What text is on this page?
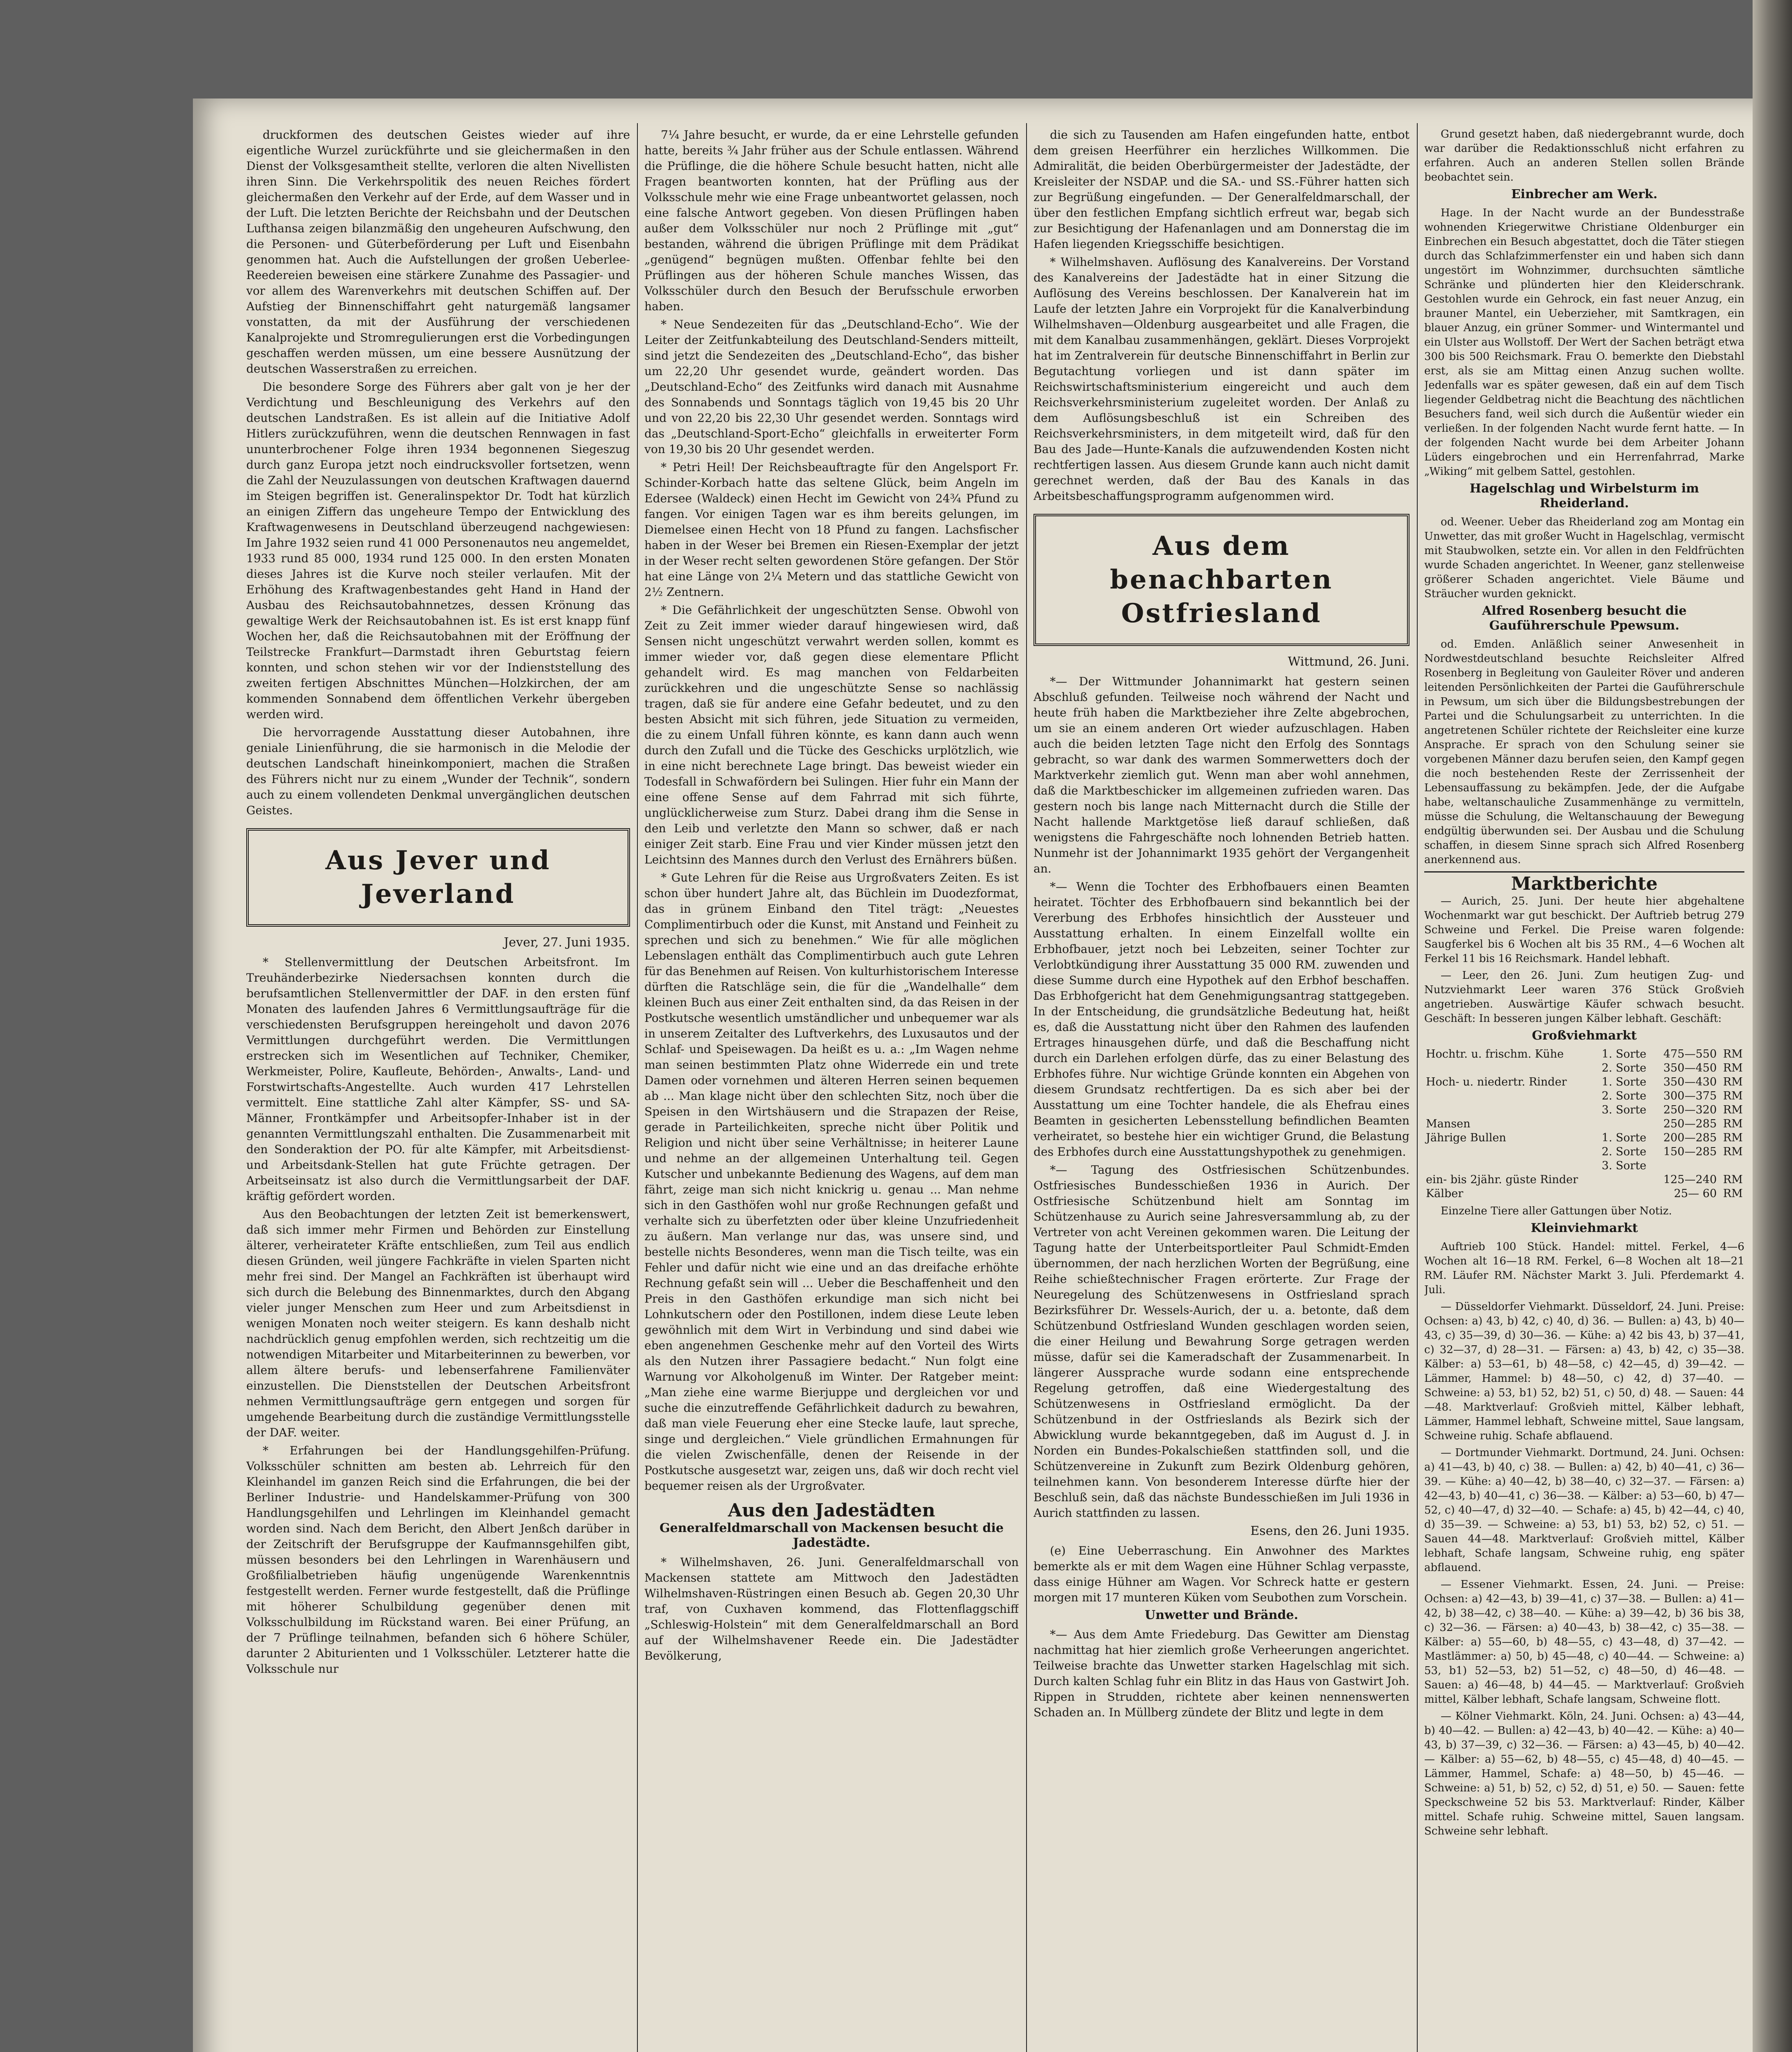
druckformen des deutschen Geistes wieder auf ihre eigentliche Wurzel zurückführte und sie gleichermaßen in den Dienst der Volksgesamtheit stellte, verloren die alten Nivellisten ihren Sinn. Die Verkehrspolitik des neuen Reiches fördert gleichermaßen den Verkehr auf der Erde, auf dem Wasser und in der Luft. Die letzten Berichte der Reichsbahn und der Deutschen Lufthansa zeigen bilanzmäßig den ungeheuren Aufschwung, den die Personen- und Güterbeförderung per Luft und Eisenbahn genommen hat. Auch die Aufstellungen der großen Ueberlee-Reedereien beweisen eine stärkere Zunahme des Passagier- und vor allem des Warenverkehrs mit deutschen Schiffen auf. Der Aufstieg der Binnenschiffahrt geht naturgemäß langsamer vonstatten, da mit der Ausführung der verschiedenen Kanalprojekte und Stromregulierungen erst die Vorbedingungen geschaffen werden müssen, um eine bessere Ausnützung der deutschen Wasserstraßen zu erreichen.

Die besondere Sorge des Führers aber galt von je her der Verdichtung und Beschleunigung des Verkehrs auf den deutschen Landstraßen. Es ist allein auf die Initiative Adolf Hitlers zurückzuführen, wenn die deutschen Rennwagen in fast ununterbrochener Folge ihren 1934 begonnenen Siegeszug durch ganz Europa jetzt noch eindrucksvoller fortsetzen, wenn die Zahl der Neuzulassungen von deutschen Kraftwagen dauernd im Steigen begriffen ist. Generalinspektor Dr. Todt hat kürzlich an einigen Ziffern das ungeheure Tempo der Entwicklung des Kraftwagenwesens in Deutschland überzeugend nachgewiesen: Im Jahre 1932 seien rund 41 000 Personenautos neu angemeldet, 1933 rund 85 000, 1934 rund 125 000. In den ersten Monaten dieses Jahres ist die Kurve noch steiler verlaufen. Mit der Erhöhung des Kraftwagenbestandes geht Hand in Hand der Ausbau des Reichsautobahnnetzes, dessen Krönung das gewaltige Werk der Reichsautobahnen ist. Es ist erst knapp fünf Wochen her, daß die Reichsautobahnen mit der Eröffnung der Teilstrecke Frankfurt—Darmstadt ihren Geburtstag feiern konnten, und schon stehen wir vor der Indienststellung des zweiten fertigen Abschnittes München—Holzkirchen, der am kommenden Sonnabend dem öffentlichen Verkehr übergeben werden wird.

Die hervorragende Ausstattung dieser Autobahnen, ihre geniale Linienführung, die sie harmonisch in die Melodie der deutschen Landschaft hineinkomponiert, machen die Straßen des Führers nicht nur zu einem „Wunder der Technik“, sondern auch zu einem vollendeten Denkmal unvergänglichen deutschen Geistes.

Aus Jever und Jeverland
Jever, 27. Juni 1935.

* Stellenvermittlung der Deutschen Arbeitsfront. Im Treuhänderbezirke Niedersachsen konnten durch die berufsamtlichen Stellenvermittler der DAF. in den ersten fünf Monaten des laufenden Jahres 6 Vermittlungsaufträge für die verschiedensten Berufsgruppen hereingeholt und davon 2076 Vermittlungen durchgeführt werden. Die Vermittlungen erstrecken sich im Wesentlichen auf Techniker, Chemiker, Werkmeister, Polire, Kaufleute, Behörden-, Anwalts-, Land- und Forstwirtschafts-Angestellte. Auch wurden 417 Lehrstellen vermittelt. Eine stattliche Zahl alter Kämpfer, SS- und SA-Männer, Frontkämpfer und Arbeitsopfer-Inhaber ist in der genannten Vermittlungszahl enthalten. Die Zusammenarbeit mit den Sonderaktion der PO. für alte Kämpfer, mit Arbeitsdienst- und Arbeitsdank-Stellen hat gute Früchte getragen. Der Arbeitseinsatz ist also durch die Vermittlungsarbeit der DAF. kräftig gefördert worden.

Aus den Beobachtungen der letzten Zeit ist bemerkenswert, daß sich immer mehr Firmen und Behörden zur Einstellung älterer, verheirateter Kräfte entschließen, zum Teil aus endlich diesen Gründen, weil jüngere Fachkräfte in vielen Sparten nicht mehr frei sind. Der Mangel an Fachkräften ist überhaupt wird sich durch die Belebung des Binnenmarktes, durch den Abgang vieler junger Menschen zum Heer und zum Arbeitsdienst in wenigen Monaten noch weiter steigern. Es kann deshalb nicht nachdrücklich genug empfohlen werden, sich rechtzeitig um die notwendigen Mitarbeiter und Mitarbeiterinnen zu bewerben, vor allem ältere berufs- und lebenserfahrene Familienväter einzustellen. Die Dienststellen der Deutschen Arbeitsfront nehmen Vermittlungsaufträge gern entgegen und sorgen für umgehende Bearbeitung durch die zuständige Vermittlungsstelle der DAF. weiter.

* Erfahrungen bei der Handlungsgehilfen-Prüfung. Volksschüler schnitten am besten ab. Lehrreich für den Kleinhandel im ganzen Reich sind die Erfahrungen, die bei der Berliner Industrie- und Handelskammer-Prüfung von 300 Handlungsgehilfen und Lehrlingen im Kleinhandel gemacht worden sind. Nach dem Bericht, den Albert Jenßch darüber in der Zeitschrift der Berufsgruppe der Kaufmannsgehilfen gibt, müssen besonders bei den Lehrlingen in Warenhäusern und Großfilialbetrieben häufig ungenügende Warenkenntnis festgestellt werden. Ferner wurde festgestellt, daß die Prüflinge mit höherer Schulbildung gegenüber denen mit Volksschulbildung im Rückstand waren. Bei einer Prüfung, an der 7 Prüflinge teilnahmen, befanden sich 6 höhere Schüler, darunter 2 Abiturienten und 1 Volksschüler. Letzterer hatte die Volksschule nur

7¼ Jahre besucht, er wurde, da er eine Lehrstelle gefunden hatte, bereits ¾ Jahr früher aus der Schule entlassen. Während die Prüflinge, die die höhere Schule besucht hatten, nicht alle Fragen beantworten konnten, hat der Prüfling aus der Volksschule mehr wie eine Frage unbeantwortet gelassen, noch eine falsche Antwort gegeben. Von diesen Prüflingen haben außer dem Volksschüler nur noch 2 Prüflinge mit „gut“ bestanden, während die übrigen Prüflinge mit dem Prädikat „genügend“ begnügen mußten. Offenbar fehlte bei den Prüflingen aus der höheren Schule manches Wissen, das Volksschüler durch den Besuch der Berufsschule erworben haben.

* Neue Sendezeiten für das „Deutschland-Echo“. Wie der Leiter der Zeitfunkabteilung des Deutschland-Senders mitteilt, sind jetzt die Sendezeiten des „Deutschland-Echo“, das bisher um 22,20 Uhr gesendet wurde, geändert worden. Das „Deutschland-Echo“ des Zeitfunks wird danach mit Ausnahme des Sonnabends und Sonntags täglich von 19,45 bis 20 Uhr und von 22,20 bis 22,30 Uhr gesendet werden. Sonntags wird das „Deutschland-Sport-Echo“ gleichfalls in erweiterter Form von 19,30 bis 20 Uhr gesendet werden.

* Petri Heil! Der Reichsbeauftragte für den Angelsport Fr. Schinder-Korbach hatte das seltene Glück, beim Angeln im Edersee (Waldeck) einen Hecht im Gewicht von 24¾ Pfund zu fangen. Vor einigen Tagen war es ihm bereits gelungen, im Diemelsee einen Hecht von 18 Pfund zu fangen. Lachsfischer haben in der Weser bei Bremen ein Riesen-Exemplar der jetzt in der Weser recht selten gewordenen Störe gefangen. Der Stör hat eine Länge von 2¼ Metern und das stattliche Gewicht von 2½ Zentnern.

* Die Gefährlichkeit der ungeschützten Sense. Obwohl von Zeit zu Zeit immer wieder darauf hingewiesen wird, daß Sensen nicht ungeschützt verwahrt werden sollen, kommt es immer wieder vor, daß gegen diese elementare Pflicht gehandelt wird. Es mag manchen von Feldarbeiten zurückkehren und die ungeschützte Sense so nachlässig tragen, daß sie für andere eine Gefahr bedeutet, und zu den besten Absicht mit sich führen, jede Situation zu vermeiden, die zu einem Unfall führen könnte, es kann dann auch wenn durch den Zufall und die Tücke des Geschicks urplötzlich, wie in eine nicht berechnete Lage bringt. Das beweist wieder ein Todesfall in Schwafördern bei Sulingen. Hier fuhr ein Mann der eine offene Sense auf dem Fahrrad mit sich führte, unglücklicherweise zum Sturz. Dabei drang ihm die Sense in den Leib und verletzte den Mann so schwer, daß er nach einiger Zeit starb. Eine Frau und vier Kinder müssen jetzt den Leichtsinn des Mannes durch den Verlust des Ernährers büßen.

* Gute Lehren für die Reise aus Urgroßvaters Zeiten. Es ist schon über hundert Jahre alt, das Büchlein im Duodezformat, das in grünem Einband den Titel trägt: „Neuestes Complimentirbuch oder die Kunst, mit Anstand und Feinheit zu sprechen und sich zu benehmen.“ Wie für alle möglichen Lebenslagen enthält das Complimentirbuch auch gute Lehren für das Benehmen auf Reisen. Von kulturhistorischem Interesse dürften die Ratschläge sein, die für die „Wandelhalle“ dem kleinen Buch aus einer Zeit enthalten sind, da das Reisen in der Postkutsche wesentlich umständlicher und unbequemer war als in unserem Zeitalter des Luftverkehrs, des Luxusautos und der Schlaf- und Speisewagen. Da heißt es u. a.: „Im Wagen nehme man seinen bestimmten Platz ohne Widerrede ein und trete Damen oder vornehmen und älteren Herren seinen bequemen ab ... Man klage nicht über den schlechten Sitz, noch über die Speisen in den Wirtshäusern und die Strapazen der Reise, gerade in Parteilichkeiten, spreche nicht über Politik und Religion und nicht über seine Verhältnisse; in heiterer Laune und nehme an der allgemeinen Unterhaltung teil. Gegen Kutscher und unbekannte Bedienung des Wagens, auf dem man fährt, zeige man sich nicht knickrig u. genau ... Man nehme sich in den Gasthöfen wohl nur große Rechnungen gefaßt und verhalte sich zu überfetzten oder über kleine Unzufriedenheit zu äußern. Man verlange nur das, was unsere sind, und bestelle nichts Besonderes, wenn man die Tisch teilte, was ein Fehler und dafür nicht wie eine und an das dreifache erhöhte Rechnung gefaßt sein will ... Ueber die Beschaffenheit und den Preis in den Gasthöfen erkundige man sich nicht bei Lohnkutschern oder den Postillonen, indem diese Leute leben gewöhnlich mit dem Wirt in Verbindung und sind dabei wie eben angenehmen Geschenke mehr auf den Vorteil des Wirts als den Nutzen ihrer Passagiere bedacht.“ Nun folgt eine Warnung vor Alkoholgenuß im Winter. Der Ratgeber meint: „Man ziehe eine warme Bierjuppe und dergleichen vor und suche die einzutreffende Gefährlichkeit dadurch zu bewahren, daß man viele Feuerung eher eine Stecke laufe, laut spreche, singe und dergleichen.“ Viele gründlichen Ermahnungen für die vielen Zwischenfälle, denen der Reisende in der Postkutsche ausgesetzt war, zeigen uns, daß wir doch recht viel bequemer reisen als der Urgroßvater.

Aus den Jadestädten
Generalfeldmarschall von Mackensen besucht die Jadestädte.

* Wilhelmshaven, 26. Juni. Generalfeldmarschall von Mackensen stattete am Mittwoch den Jadestädten Wilhelmshaven-Rüstringen einen Besuch ab. Gegen 20,30 Uhr traf, von Cuxhaven kommend, das Flottenflaggschiff „Schleswig-Holstein“ mit dem Generalfeldmarschall an Bord auf der Wilhelmshavener Reede ein. Die Jadestädter Bevölkerung,

die sich zu Tausenden am Hafen eingefunden hatte, entbot dem greisen Heerführer ein herzliches Willkommen. Die Admiralität, die beiden Oberbürgermeister der Jadestädte, der Kreisleiter der NSDAP. und die SA.- und SS.-Führer hatten sich zur Begrüßung eingefunden. — Der Generalfeldmarschall, der über den festlichen Empfang sichtlich erfreut war, begab sich zur Besichtigung der Hafenanlagen und am Donnerstag die im Hafen liegenden Kriegsschiffe besichtigen.

* Wilhelmshaven. Auflösung des Kanalvereins. Der Vorstand des Kanalvereins der Jadestädte hat in einer Sitzung die Auflösung des Vereins beschlossen. Der Kanalverein hat im Laufe der letzten Jahre ein Vorprojekt für die Kanalverbindung Wilhelmshaven—Oldenburg ausgearbeitet und alle Fragen, die mit dem Kanalbau zusammenhängen, geklärt. Dieses Vorprojekt hat im Zentralverein für deutsche Binnenschiffahrt in Berlin zur Begutachtung vorliegen und ist dann später im Reichswirtschaftsministerium eingereicht und auch dem Reichsverkehrsministerium zugeleitet worden. Der Anlaß zu dem Auflösungsbeschluß ist ein Schreiben des Reichsverkehrsministers, in dem mitgeteilt wird, daß für den Bau des Jade—Hunte-Kanals die aufzuwendenden Kosten nicht rechtfertigen lassen. Aus diesem Grunde kann auch nicht damit gerechnet werden, daß der Bau des Kanals in das Arbeitsbeschaffungsprogramm aufgenommen wird.

Aus dem benachbarten Ostfriesland
Wittmund, 26. Juni.

*— Der Wittmunder Johannimarkt hat gestern seinen Abschluß gefunden. Teilweise noch während der Nacht und heute früh haben die Marktbezieher ihre Zelte abgebrochen, um sie an einem anderen Ort wieder aufzuschlagen. Haben auch die beiden letzten Tage nicht den Erfolg des Sonntags gebracht, so war dank des warmen Sommerwetters doch der Marktverkehr ziemlich gut. Wenn man aber wohl annehmen, daß die Marktbeschicker im allgemeinen zufrieden waren. Das gestern noch bis lange nach Mitternacht durch die Stille der Nacht hallende Marktgetöse ließ darauf schließen, daß wenigstens die Fahrgeschäfte noch lohnenden Betrieb hatten. Nunmehr ist der Johannimarkt 1935 gehört der Vergangenheit an.

*— Wenn die Tochter des Erbhofbauers einen Beamten heiratet. Töchter des Erbhofbauern sind bekanntlich bei der Vererbung des Erbhofes hinsichtlich der Aussteuer und Ausstattung erhalten. In einem Einzelfall wollte ein Erbhofbauer, jetzt noch bei Lebzeiten, seiner Tochter zur Verlobtkündigung ihrer Ausstattung 35 000 RM. zuwenden und diese Summe durch eine Hypothek auf den Erbhof beschaffen. Das Erbhofgericht hat dem Genehmigungsantrag stattgegeben. In der Entscheidung, die grundsätzliche Bedeutung hat, heißt es, daß die Ausstattung nicht über den Rahmen des laufenden Ertrages hinausgehen dürfe, und daß die Beschaffung nicht durch ein Darlehen erfolgen dürfe, das zu einer Belastung des Erbhofes führe. Nur wichtige Gründe konnten ein Abgehen von diesem Grundsatz rechtfertigen. Da es sich aber bei der Ausstattung um eine Tochter handele, die als Ehefrau eines Beamten in gesicherten Lebensstellung befindlichen Beamten verheiratet, so bestehe hier ein wichtiger Grund, die Belastung des Erbhofes durch eine Ausstattungshypothek zu genehmigen.

*— Tagung des Ostfriesischen Schützenbundes. Ostfriesisches Bundesschießen 1936 in Aurich. Der Ostfriesische Schützenbund hielt am Sonntag im Schützenhause zu Aurich seine Jahresversammlung ab, zu der Vertreter von acht Vereinen gekommen waren. Die Leitung der Tagung hatte der Unterbeitsportleiter Paul Schmidt-Emden übernommen, der nach herzlichen Worten der Begrüßung, eine Reihe schießtechnischer Fragen erörterte. Zur Frage der Neuregelung des Schützenwesens in Ostfriesland sprach Bezirksführer Dr. Wessels-Aurich, der u. a. betonte, daß dem Schützenbund Ostfriesland Wunden geschlagen worden seien, die einer Heilung und Bewahrung Sorge getragen werden müsse, dafür sei die Kameradschaft der Zusammenarbeit. In längerer Aussprache wurde sodann eine entsprechende Regelung getroffen, daß eine Wiedergestaltung des Schützenwesens in Ostfriesland ermöglicht. Da der Schützenbund in der Ostfrieslands als Bezirk sich der Abwicklung wurde bekanntgegeben, daß im August d. J. in Norden ein Bundes-Pokalschießen stattfinden soll, und die Schützenvereine in Zukunft zum Bezirk Oldenburg gehören, teilnehmen kann. Von besonderem Interesse dürfte hier der Beschluß sein, daß das nächste Bundesschießen im Juli 1936 in Aurich stattfinden zu lassen.

Esens, den 26. Juni 1935.

(e) Eine Ueberraschung. Ein Anwohner des Marktes bemerkte als er mit dem Wagen eine Hühner Schlag verpasste, dass einige Hühner am Wagen. Vor Schreck hatte er gestern morgen mit 17 munteren Küken vom Seubothen zum Vorschein.

Unwetter und Brände.

*— Aus dem Amte Friedeburg. Das Gewitter am Dienstag nachmittag hat hier ziemlich große Verheerungen angerichtet. Teilweise brachte das Unwetter starken Hagelschlag mit sich. Durch kalten Schlag fuhr ein Blitz in das Haus von Gastwirt Joh. Rippen in Strudden, richtete aber keinen nennenswerten Schaden an. In Müllberg zündete der Blitz und legte in dem

Grund gesetzt haben, daß niedergebrannt wurde, doch war darüber die Redaktionsschluß nicht erfahren zu erfahren. Auch an anderen Stellen sollen Brände beobachtet sein.

Einbrecher am Werk.

Hage. In der Nacht wurde an der Bundesstraße wohnenden Kriegerwitwe Christiane Oldenburger ein Einbrechen ein Besuch abgestattet, doch die Täter stiegen durch das Schlafzimmerfenster ein und haben sich dann ungestört im Wohnzimmer, durchsuchten sämtliche Schränke und plünderten hier den Kleiderschrank. Gestohlen wurde ein Gehrock, ein fast neuer Anzug, ein brauner Mantel, ein Ueberzieher, mit Samtkragen, ein blauer Anzug, ein grüner Sommer- und Wintermantel und ein Ulster aus Wollstoff. Der Wert der Sachen beträgt etwa 300 bis 500 Reichsmark. Frau O. bemerkte den Diebstahl erst, als sie am Mittag einen Anzug suchen wollte. Jedenfalls war es später gewesen, daß ein auf dem Tisch liegender Geldbetrag nicht die Beachtung des nächtlichen Besuchers fand, weil sich durch die Außentür wieder ein verließen. In der folgenden Nacht wurde fernt hatte. — In der folgenden Nacht wurde bei dem Arbeiter Johann Lüders eingebrochen und ein Herrenfahrrad, Marke „Wiking“ mit gelbem Sattel, gestohlen.

Hagelschlag und Wirbelsturm im Rheiderland.

od. Weener. Ueber das Rheiderland zog am Montag ein Unwetter, das mit großer Wucht in Hagelschlag, vermischt mit Staubwolken, setzte ein. Vor allen in den Feldfrüchten wurde Schaden angerichtet. In Weener, ganz stellenweise größerer Schaden angerichtet. Viele Bäume und Sträucher wurden geknickt.

Alfred Rosenberg besucht die Gauführerschule Ppewsum.

od. Emden. Anläßlich seiner Anwesenheit in Nordwestdeutschland besuchte Reichsleiter Alfred Rosenberg in Begleitung von Gauleiter Röver und anderen leitenden Persönlichkeiten der Partei die Gauführerschule in Pewsum, um sich über die Bildungsbestrebungen der Partei und die Schulungsarbeit zu unterrichten. In die angetretenen Schüler richtete der Reichsleiter eine kurze Ansprache. Er sprach von den Schulung seiner sie vorgebenen Männer dazu berufen seien, den Kampf gegen die noch bestehenden Reste der Zerrissenheit der Lebensauffassung zu bekämpfen. Jede, der die Aufgabe habe, weltanschauliche Zusammenhänge zu vermitteln, müsse die Schulung, die Weltanschauung der Bewegung endgültig überwunden sei. Der Ausbau und die Schulung schaffen, in diesem Sinne sprach sich Alfred Rosenberg anerkennend aus.

Marktberichte

— Aurich, 25. Juni. Der heute hier abgehaltene Wochenmarkt war gut beschickt. Der Auftrieb betrug 279 Schweine und Ferkel. Die Preise waren folgende: Saugferkel bis 6 Wochen alt bis 35 RM., 4—6 Wochen alt Ferkel 11 bis 16 Reichsmark. Handel lebhaft.

— Leer, den 26. Juni. Zum heutigen Zug- und Nutzviehmarkt Leer waren 376 Stück Großvieh angetrieben. Auswärtige Käufer schwach besucht. Geschäft: In besseren jungen Kälber lebhaft. Geschäft:

Großviehmarkt
Hochtr. u. frischm. Kühe	1. Sorte	475—550	RM
	2. Sorte	350—450	RM
Hoch- u. niedertr. Rinder	1. Sorte	350—430	RM
	2. Sorte	300—375	RM
	3. Sorte	250—320	RM
Mansen		250—285	RM
Jährige Bullen	1. Sorte	200—285	RM
	2. Sorte	150—285	RM
	3. Sorte		
ein- bis 2jähr. güste Rinder		125—240	RM
Kälber		25— 60	RM

Einzelne Tiere aller Gattungen über Notiz.

Kleinviehmarkt

Auftrieb 100 Stück. Handel: mittel. Ferkel, 4—6 Wochen alt 16—18 RM. Ferkel, 6—8 Wochen alt 18—21 RM. Läufer RM. Nächster Markt 3. Juli. Pferdemarkt 4. Juli.

— Düsseldorfer Viehmarkt. Düsseldorf, 24. Juni. Preise: Ochsen: a) 43, b) 42, c) 40, d) 36. — Bullen: a) 43, b) 40—43, c) 35—39, d) 30—36. — Kühe: a) 42 bis 43, b) 37—41, c) 32—37, d) 28—31. — Färsen: a) 43, b) 42, c) 35—38. Kälber: a) 53—61, b) 48—58, c) 42—45, d) 39—42. — Lämmer, Hammel: b) 48—50, c) 42, d) 37—40. — Schweine: a) 53, b1) 52, b2) 51, c) 50, d) 48. — Sauen: 44—48. Marktverlauf: Großvieh mittel, Kälber lebhaft, Lämmer, Hammel lebhaft, Schweine mittel, Saue langsam, Schweine ruhig. Schafe abflauend.

— Dortmunder Viehmarkt. Dortmund, 24. Juni. Ochsen: a) 41—43, b) 40, c) 38. — Bullen: a) 42, b) 40—41, c) 36—39. — Kühe: a) 40—42, b) 38—40, c) 32—37. — Färsen: a) 42—43, b) 40—41, c) 36—38. — Kälber: a) 53—60, b) 47—52, c) 40—47, d) 32—40. — Schafe: a) 45, b) 42—44, c) 40, d) 35—39. — Schweine: a) 53, b1) 53, b2) 52, c) 51. — Sauen 44—48. Marktverlauf: Großvieh mittel, Kälber lebhaft, Schafe langsam, Schweine ruhig, eng später abflauend.

— Essener Viehmarkt. Essen, 24. Juni. — Preise: Ochsen: a) 42—43, b) 39—41, c) 37—38. — Bullen: a) 41—42, b) 38—42, c) 38—40. — Kühe: a) 39—42, b) 36 bis 38, c) 32—36. — Färsen: a) 40—43, b) 38—42, c) 35—38. — Kälber: a) 55—60, b) 48—55, c) 43—48, d) 37—42. — Mastlämmer: a) 50, b) 45—48, c) 40—44. — Schweine: a) 53, b1) 52—53, b2) 51—52, c) 48—50, d) 46—48. — Sauen: a) 46—48, b) 44—45. — Marktverlauf: Großvieh mittel, Kälber lebhaft, Schafe langsam, Schweine flott.

— Kölner Viehmarkt. Köln, 24. Juni. Ochsen: a) 43—44, b) 40—42. — Bullen: a) 42—43, b) 40—42. — Kühe: a) 40—43, b) 37—39, c) 32—36. — Färsen: a) 43—45, b) 40—42. — Kälber: a) 55—62, b) 48—55, c) 45—48, d) 40—45. — Lämmer, Hammel, Schafe: a) 48—50, b) 45—46. — Schweine: a) 51, b) 52, c) 52, d) 51, e) 50. — Sauen: fette Speckschweine 52 bis 53. Marktverlauf: Rinder, Kälber mittel. Schafe ruhig. Schweine mittel, Sauen langsam. Schweine sehr lebhaft.
